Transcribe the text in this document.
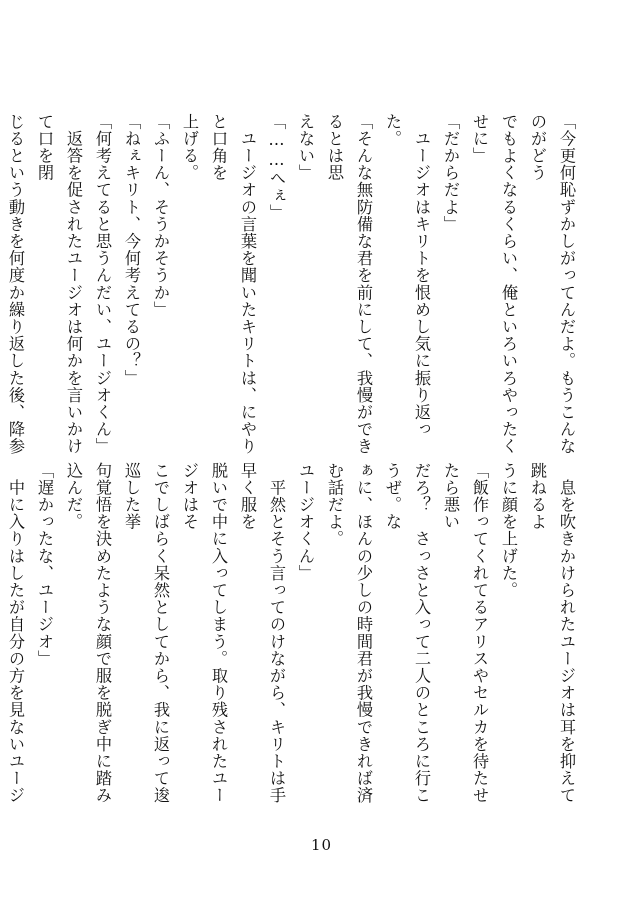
「今更何恥ずかしがってんだよ。もうこんなのがどう
でもよくなるくらい、俺といろいろやったくせに」
「だからだよ」
　ユージオはキリトを恨めし気に振り返った。
「そんな無防備な君を前にして、我慢ができるとは思
えない」
「……へぇ」
　ユージオの言葉を聞いたキリトは、にやりと口角を
上げる。
「ふーん、そうかそうか」
「ねぇキリト、今何考えてるの？」
「何考えてると思うんだい、ユージオくん」
　返答を促されたユージオは何かを言いかけて口を閉
じるという動きを何度か繰り返した後、降参
　息を吹きかけられたユージオは耳を抑えて跳ねるよ
うに顔を上げた。
「飯作ってくれてるアリスやセルカを待たせたら悪い
だろ？　さっさと入って二人のところに行こうぜ。な
ぁに、ほんの少しの時間君が我慢できれば済む話だよ。
ユージオくん」
　平然とそう言ってのけながら、キリトは手早く服を
脱いで中に入ってしまう。取り残されたユージオはそ
こでしばらく呆然としてから、我に返って逡巡した挙
句覚悟を決めたような顔で服を脱ぎ中に踏み込んだ。
「遅かったな、ユージオ」
　中に入りはしたが自分の方を見ないユージ
10
